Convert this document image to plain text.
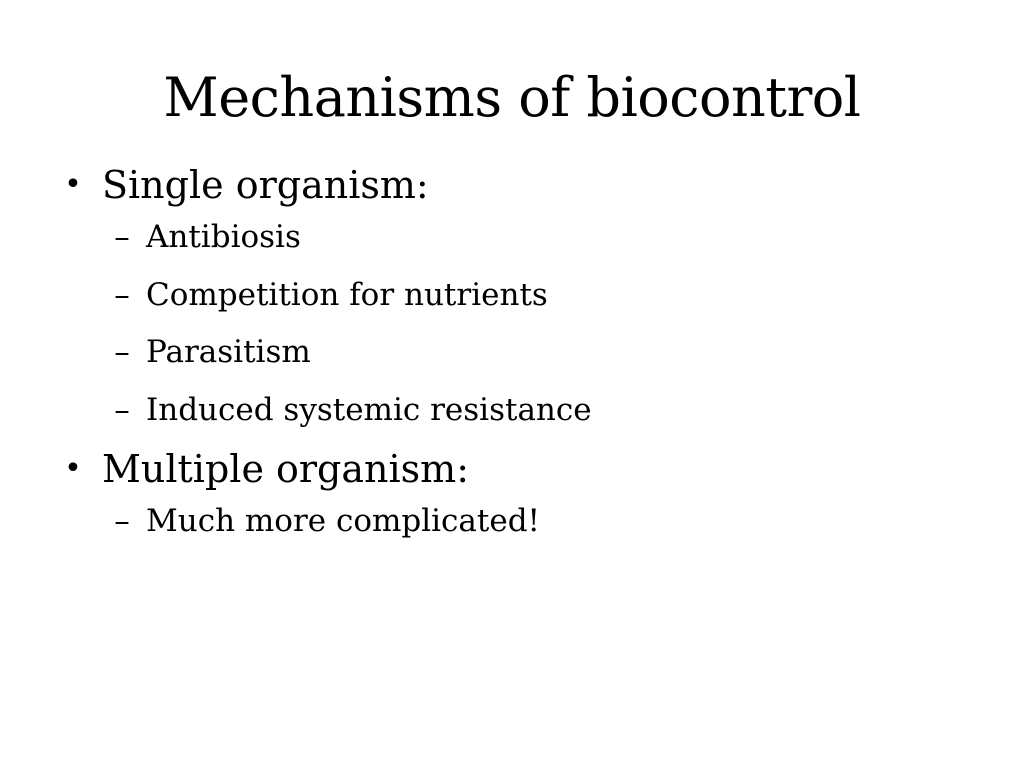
Mechanisms of biocontrol
• Single organism:
– Antibiosis
– Competition for nutrients
– Parasitism
– Induced systemic resistance
• Multiple organism:
– Much more complicated!
